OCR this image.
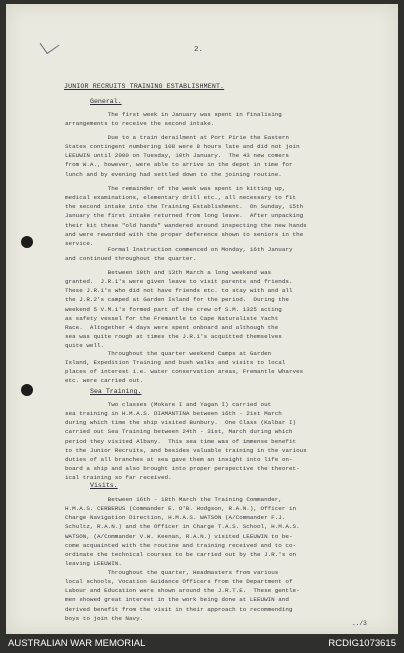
2.
JUNIOR RECRUITS TRAINING ESTABLISHMENT.
General.
The first week in January was spent in finalising
arrangements to receive the second intake.
Due to a train derailment at Port Pirie the Eastern
States contingent numbering 108 were 8 hours late and did not join
LEEUWIN until 2000 on Tuesday, 10th January.  The 43 new comers
from W.A., however, were able to arrive in the depot in time for
lunch and by evening had settled down to the joining routine.
The remainder of the week was spent in kitting up,
medical examinations, elementary drill etc., all necessary to fit
the second intake into the Training Establishment.  On Sunday, 15th
January the first intake returned from long leave.  After unpacking
their kit these "old hands" wandered around inspecting the new hands
and were rewarded with the proper deference shown to seniors in the
service.
Formal Instruction commenced on Monday, 16th January
and continued throughout the quarter.
Between 10th and 13th March a long weekend was
granted.  J.R.1's were given leave to visit parents and friends.
These J.R.1's who did not have friends etc. to stay with and all
the J.R.2's camped at Garden Island for the period.  During the
weekend 5 V.M.1's formed part of the crew of S.M. 1325 acting
as safety vessel for the Fremantle to Cape Naturaliste Yacht
Race.  Altogether 4 days were spent onboard and although the
sea was quite rough at times the J.R.1's acquitted themselves
quite well.
Throughout the quarter weekend Camps at Garden
Island, Expedition Training and bush walks and visits to local
places of interest i.e. water conservation areas, Fremantle Wharves
etc. were carried out.
Sea Training.
Two classes (Mokare I and Yagan I) carried out
sea training in H.M.A.S. DIAMANTINA between 16th - 21st March
during which time the ship visited Bunbury.  One Class (Kalbar I)
carried out Sea Training between 24th - 31st, March during which
period they visited Albany.  This sea time was of immense benefit
to the Junior Recruits, and besides valuable training in the various
duties of all branches at sea gave them an insight into life on-
board a ship and also brought into proper perspective the theoret-
ical training so far received.
Visits.
Between 16th - 18th March the Training Commander,
H.M.A.S. CERBERUS (Commander E. O'B. Hodgson, R.A.N.), Officer in
Charge Navigation Direction, H.M.A.S. WATSON (A/Commander F.J.
Schultz, R.A.N.) and the Officer in Charge T.A.S. School, H.M.A.S.
WATSON, (A/Commander V.W. Keenan, R.A.N.) visited LEEUWIN to be-
come acquainted with the routine and training received and to co-
ordinate the technical courses to be carried out by the J.R.'s on
leaving LEEUWIN.
Throughout the quarter, Headmasters from various
local schools, Vocation Guidance Officers from the Department of
Labour and Education were shown around the J.R.T.E.  These gentle-
men showed great interest in the work being done at LEEUWIN and
derived benefit from the visit in their approach to recommending
boys to join the Navy.
../3
AUSTRALIAN WAR MEMORIAL	RCDIG1073615
